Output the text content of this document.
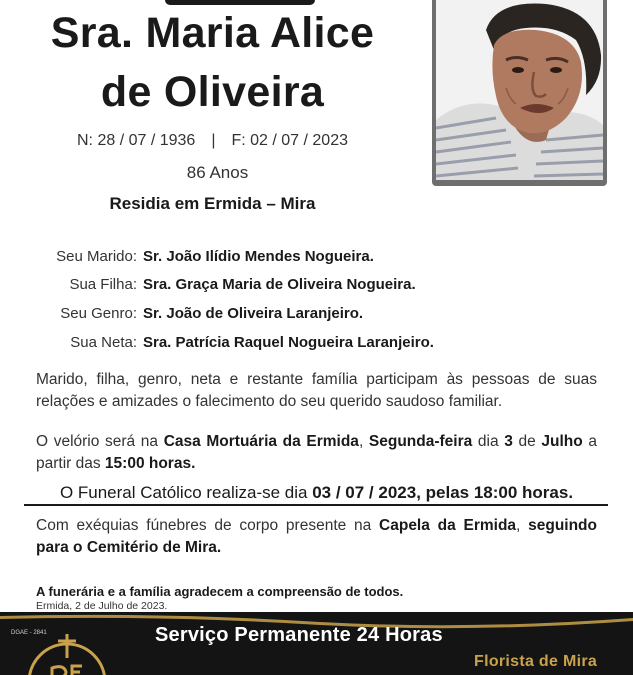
Sra. Maria Alice
de Oliveira
N: 28 / 07 / 1936 | F: 02 / 07 / 2023
86 Anos
Residia em Ermida – Mira
Seu Marido: Sr. João Ilídio Mendes Nogueira.
Sua Filha: Sra. Graça Maria de Oliveira Nogueira.
Seu Genro: Sr. João de Oliveira Laranjeiro.
Sua Neta: Sra. Patrícia Raquel Nogueira Laranjeiro.

Marido, filha, genro, neta e restante família participam às pessoas de suas relações e amizades o falecimento do seu querido saudoso familiar.

O velório será na Casa Mortuária da Ermida, Segunda-feira dia 3 de Julho a partir das 15:00 horas.

O Funeral Católico realiza-se dia 03 / 07 / 2023, pelas 18:00 horas.

Com exéquias fúnebres de corpo presente na Capela da Ermida, seguindo para o Cemitério de Mira.

A funerária e a família agradecem a compreensão de todos.
Ermida, 2 de Julho de 2023.
DGAE - 2841	Serviço Permanente 24 Horas
Florista de Mira
